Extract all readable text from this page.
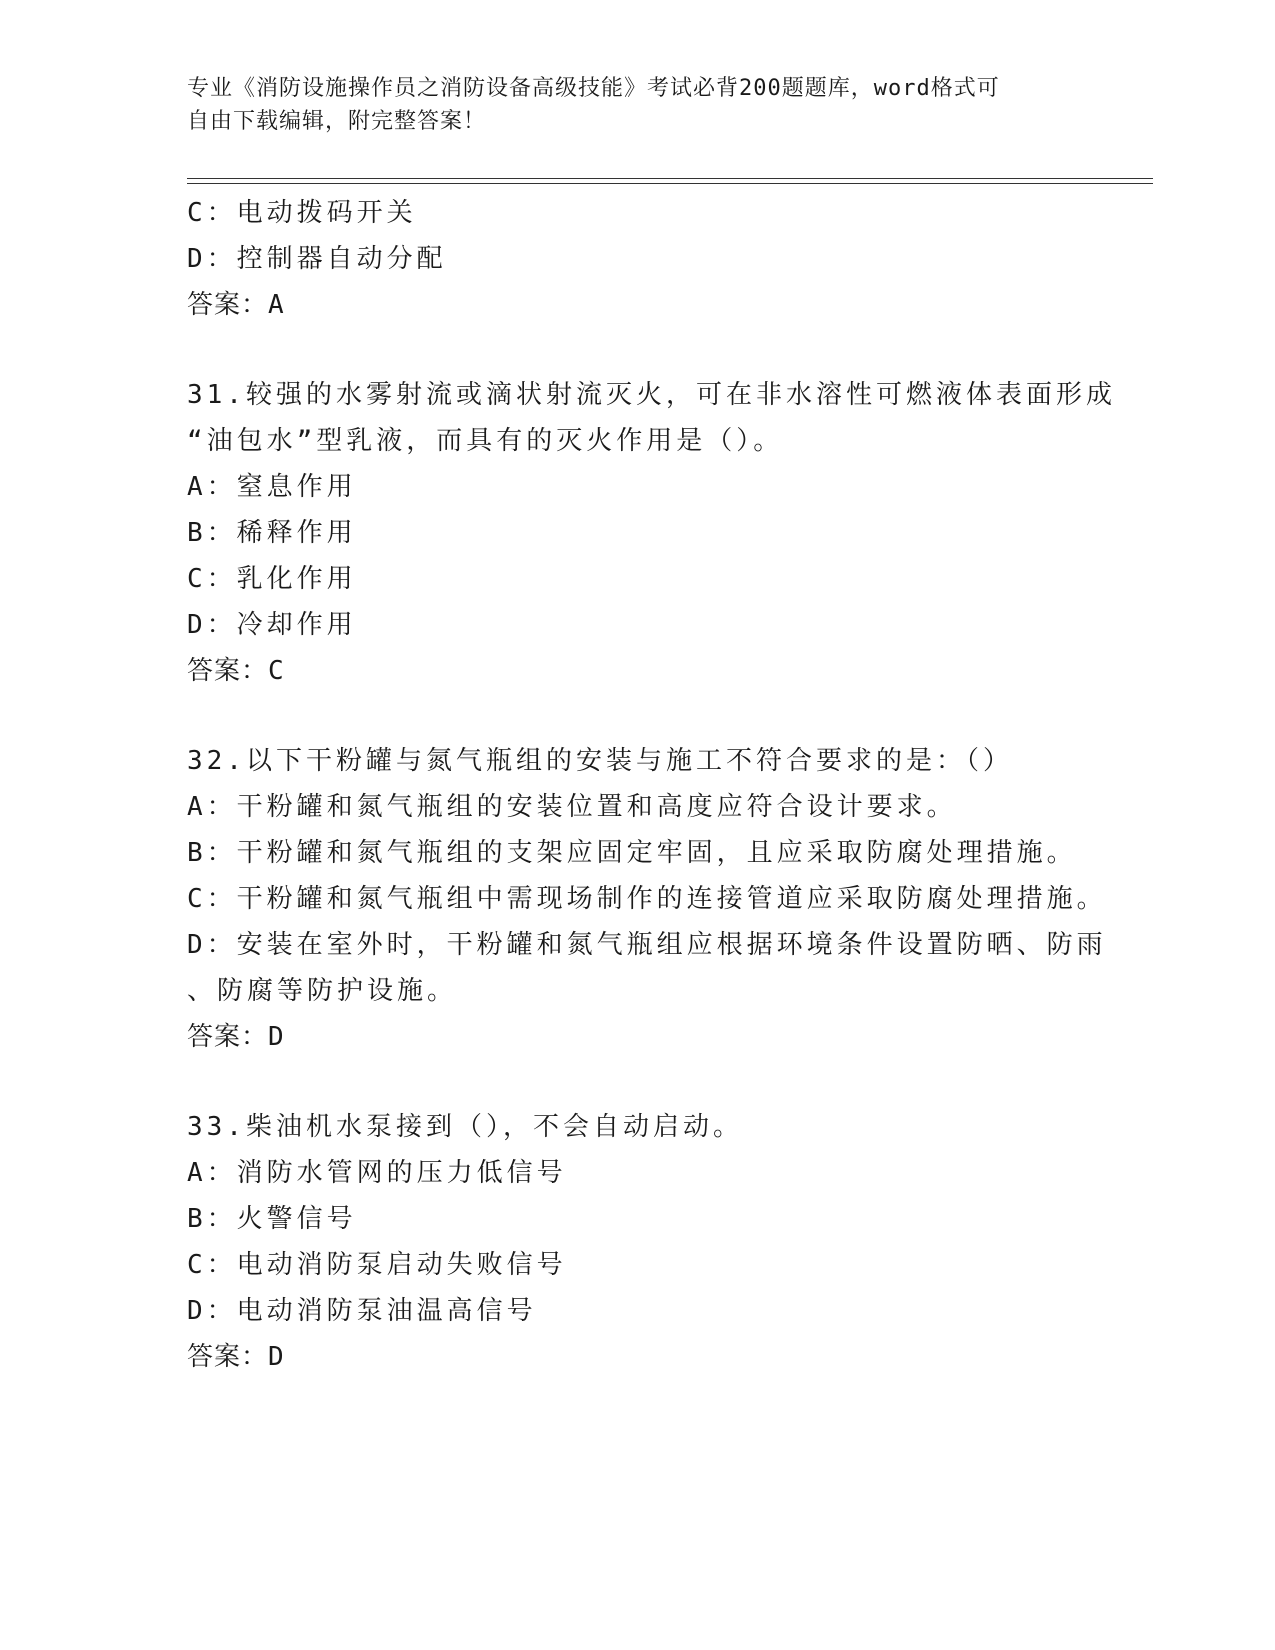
专业《消防设施操作员之消防设备高级技能》考试必背200题题库，word格式可
自由下载编辑，附完整答案！
C：电动拨码开关
D：控制器自动分配
答案：A
31.较强的水雾射流或滴状射流灭火，可在非水溶性可燃液体表面形成
“油包水”型乳液，而具有的灭火作用是（）。
A：窒息作用
B：稀释作用
C：乳化作用
D：冷却作用
答案：C
32.以下干粉罐与氮气瓶组的安装与施工不符合要求的是：（）
A：干粉罐和氮气瓶组的安装位置和高度应符合设计要求。
B：干粉罐和氮气瓶组的支架应固定牢固，且应采取防腐处理措施。
C：干粉罐和氮气瓶组中需现场制作的连接管道应采取防腐处理措施。
D：安装在室外时，干粉罐和氮气瓶组应根据环境条件设置防晒、防雨
、防腐等防护设施。
答案：D
33.柴油机水泵接到（），不会自动启动。
A：消防水管网的压力低信号
B：火警信号
C：电动消防泵启动失败信号
D：电动消防泵油温高信号
答案：D
